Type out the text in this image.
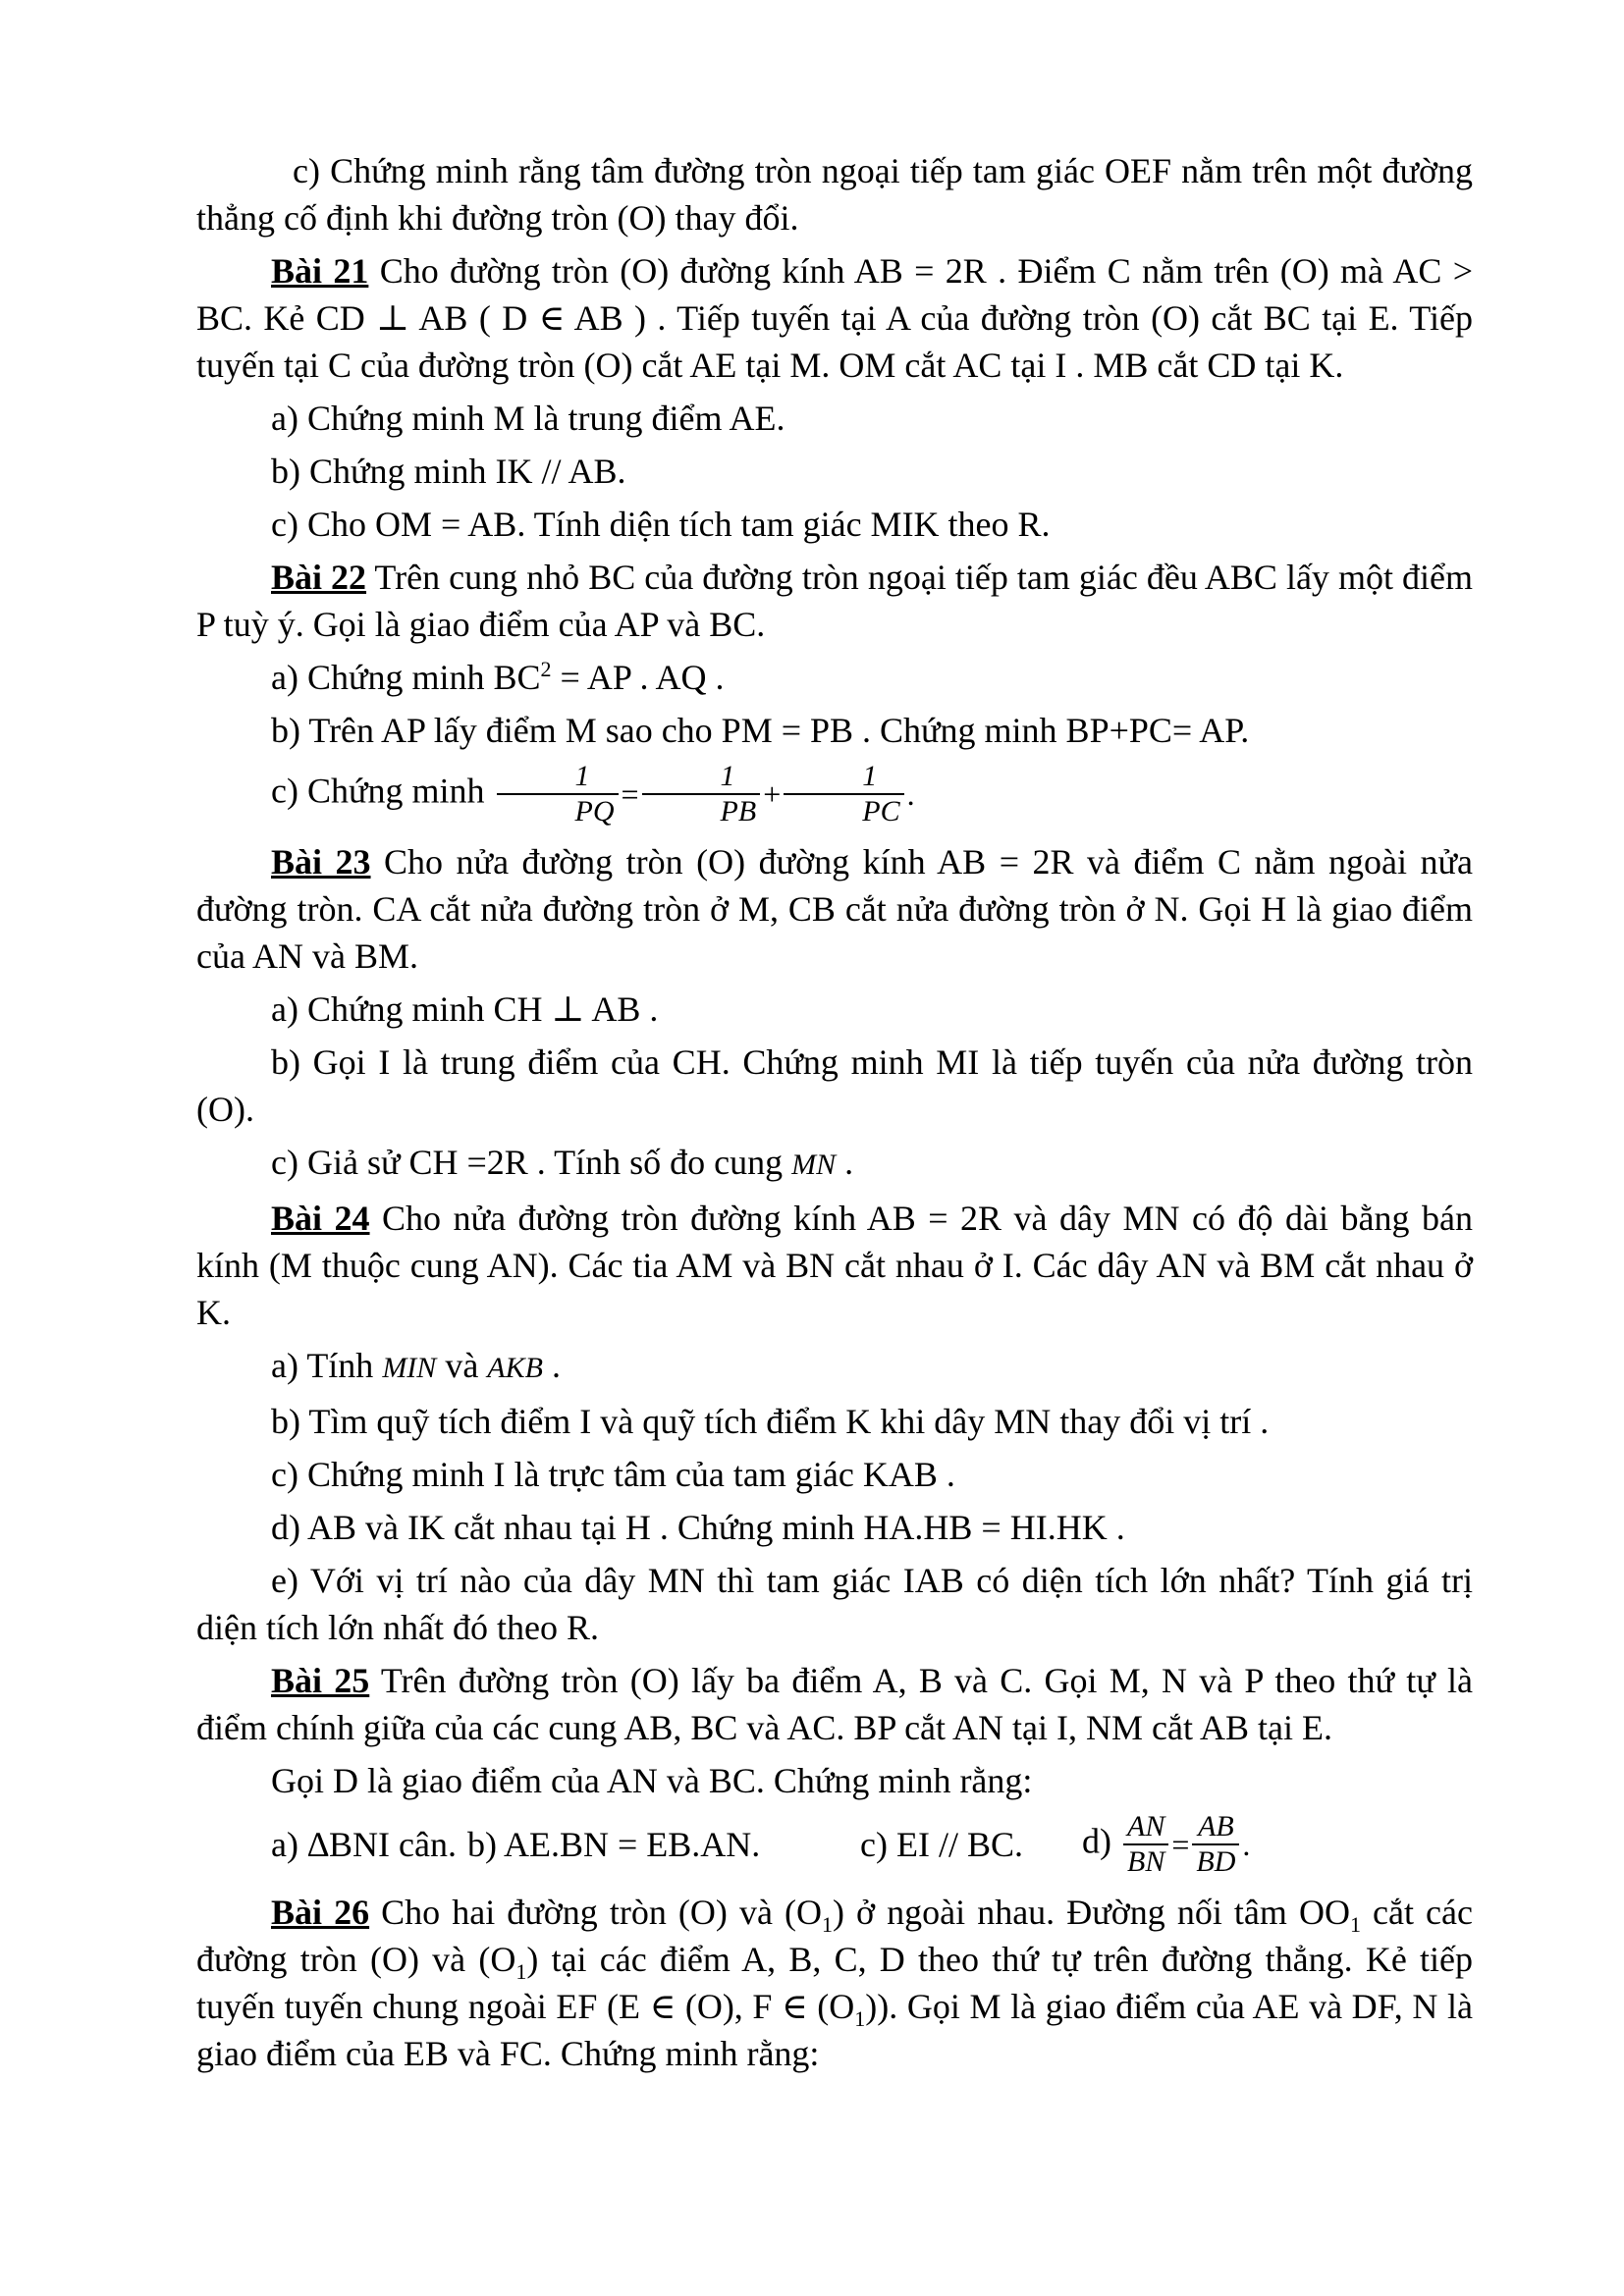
c) Chứng minh rằng tâm đường tròn ngoại tiếp tam giác OEF nằm trên một đường thẳng cố định khi đường tròn (O) thay đổi.

Bài 21 Cho đường tròn (O) đường kính AB = 2R . Điểm C nằm trên (O) mà AC > BC. Kẻ CD ⊥ AB ( D ∈ AB ) . Tiếp tuyến tại A của đường tròn (O) cắt BC tại E. Tiếp tuyến tại C của đường tròn (O) cắt AE tại M. OM cắt AC tại I . MB cắt CD tại K.

a) Chứng minh M là trung điểm AE.

b) Chứng minh IK // AB.

c) Cho OM = AB. Tính diện tích tam giác MIK theo R.

Bài 22 Trên cung nhỏ BC của đường tròn ngoại tiếp tam giác đều ABC lấy một điểm P tuỳ ý. Gọi là giao điểm của AP và BC.

a) Chứng minh $BC^2$ = AP . AQ .

b) Trên AP lấy điểm M sao cho PM = PB . Chứng minh BP+PC= AP.

c) Chứng minh $\frac{1}{PQ} = \frac{1}{PB} + \frac{1}{PC}$ .

Bài 23 Cho nửa đường tròn (O) đường kính AB = 2R và điểm C nằm ngoài nửa đường tròn. CA cắt nửa đường tròn ở M, CB cắt nửa đường tròn ở N. Gọi H là giao điểm của AN và BM.

a) Chứng minh CH ⊥ AB .

b) Gọi I là trung điểm của CH. Chứng minh MI là tiếp tuyến của nửa đường tròn (O).

c) Giả sử CH =2R . Tính số đo cung MN .

Bài 24 Cho nửa đường tròn đường kính AB = 2R và dây MN có độ dài bằng bán kính (M thuộc cung AN). Các tia AM và BN cắt nhau ở I. Các dây AN và BM cắt nhau ở K.

a) Tính MIN và AKB .

b) Tìm quỹ tích điểm I và quỹ tích điểm K khi dây MN thay đổi vị trí .

c) Chứng minh I là trực tâm của tam giác KAB .

d) AB và IK cắt nhau tại H . Chứng minh HA.HB = HI.HK .

e) Với vị trí nào của dây MN thì tam giác IAB có diện tích lớn nhất? Tính giá trị diện tích lớn nhất đó theo R.

Bài 25 Trên đường tròn (O) lấy ba điểm A, B và C. Gọi M, N và P theo thứ tự là điểm chính giữa của các cung AB, BC và AC. BP cắt AN tại I, NM cắt AB tại E.

Gọi D là giao điểm của AN và BC. Chứng minh rằng:

a) ∆BNI cân. b) AE.BN = EB.AN.	c) EI // BC.	$d) \frac{AN}{BN} = \frac{AB}{BD}$ .

Bài 26 Cho hai đường tròn (O) và $(O_1)$ ở ngoài nhau. Đường nối tâm $OO_1$ cắt các đường tròn (O) và $(O_1)$ tại các điểm A, B, C, D theo thứ tự trên đường thẳng. Kẻ tiếp tuyến tuyến chung ngoài EF (E ∈ (O), F ∈ $(O_1)$). Gọi M là giao điểm của AE và DF, N là giao điểm của EB và FC. Chứng minh rằng:
